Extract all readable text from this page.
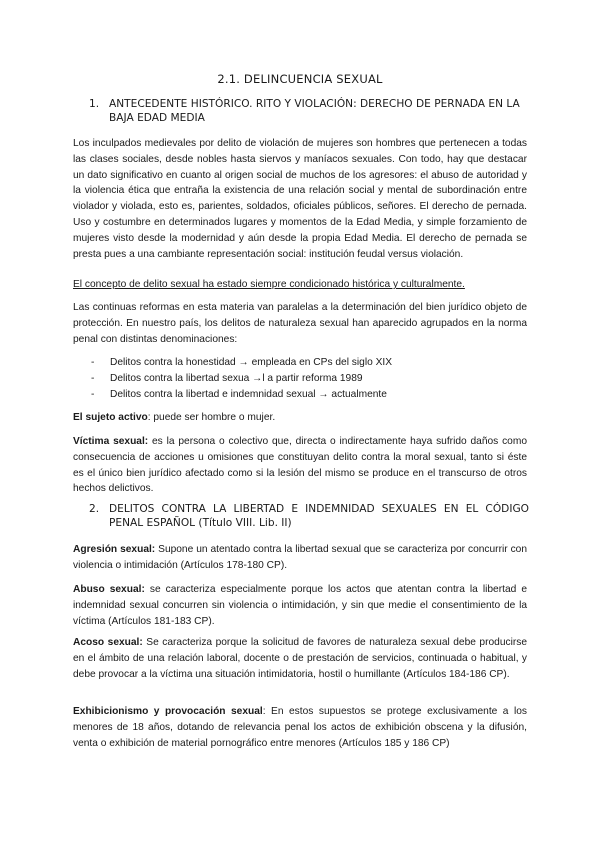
2.1. DELINCUENCIA SEXUAL
1. ANTECEDENTE HISTÓRICO. RITO Y VIOLACIÓN: DERECHO DE PERNADA EN LA BAJA EDAD MEDIA

Los inculpados medievales por delito de violación de mujeres son hombres que pertenecen a todas las clases sociales, desde nobles hasta siervos y maníacos sexuales. Con todo, hay que destacar un dato significativo en cuanto al origen social de muchos de los agresores: el abuso de autoridad y la violencia ética que entraña la existencia de una relación social y mental de subordinación entre violador y violada, esto es, parientes, soldados, oficiales públicos, señores. El derecho de pernada. Uso y costumbre en determinados lugares y momentos de la Edad Media, y simple forzamiento de mujeres visto desde la modernidad y aún desde la propia Edad Media. El derecho de pernada se presta pues a una cambiante representación social: institución feudal versus violación.

El concepto de delito sexual ha estado siempre condicionado histórica y culturalmente.

Las continuas reformas en esta materia van paralelas a la determinación del bien jurídico objeto de protección. En nuestro país, los delitos de naturaleza sexual han aparecido agrupados en la norma penal con distintas denominaciones:

- Delitos contra la honestidad → empleada en CPs del siglo XIX
- Delitos contra la libertad sexua →l a partir reforma 1989
- Delitos contra la libertad e indemnidad sexual → actualmente

El sujeto activo: puede ser hombre o mujer.

Víctima sexual: es la persona o colectivo que, directa o indirectamente haya sufrido daños como consecuencia de acciones u omisiones que constituyan delito contra la moral sexual, tanto si éste es el único bien jurídico afectado como si la lesión del mismo se produce en el transcurso de otros hechos delictivos.

2. DELITOS CONTRA LA LIBERTAD E INDEMNIDAD SEXUALES EN EL CÓDIGO PENAL ESPAÑOL (Título VIII. Lib. II)

Agresión sexual: Supone un atentado contra la libertad sexual que se caracteriza por concurrir con violencia o intimidación (Artículos 178-180 CP).

Abuso sexual: se caracteriza especialmente porque los actos que atentan contra la libertad e indemnidad sexual concurren sin violencia o intimidación, y sin que medie el consentimiento de la víctima (Artículos 181-183 CP).

Acoso sexual: Se caracteriza porque la solicitud de favores de naturaleza sexual debe producirse en el ámbito de una relación laboral, docente o de prestación de servicios, continuada o habitual, y debe provocar a la víctima una situación intimidatoria, hostil o humillante (Artículos 184-186 CP).

Exhibicionismo y provocación sexual: En estos supuestos se protege exclusivamente a los menores de 18 años, dotando de relevancia penal los actos de exhibición obscena y la difusión, venta o exhibición de material pornográfico entre menores (Artículos 185 y 186 CP)
